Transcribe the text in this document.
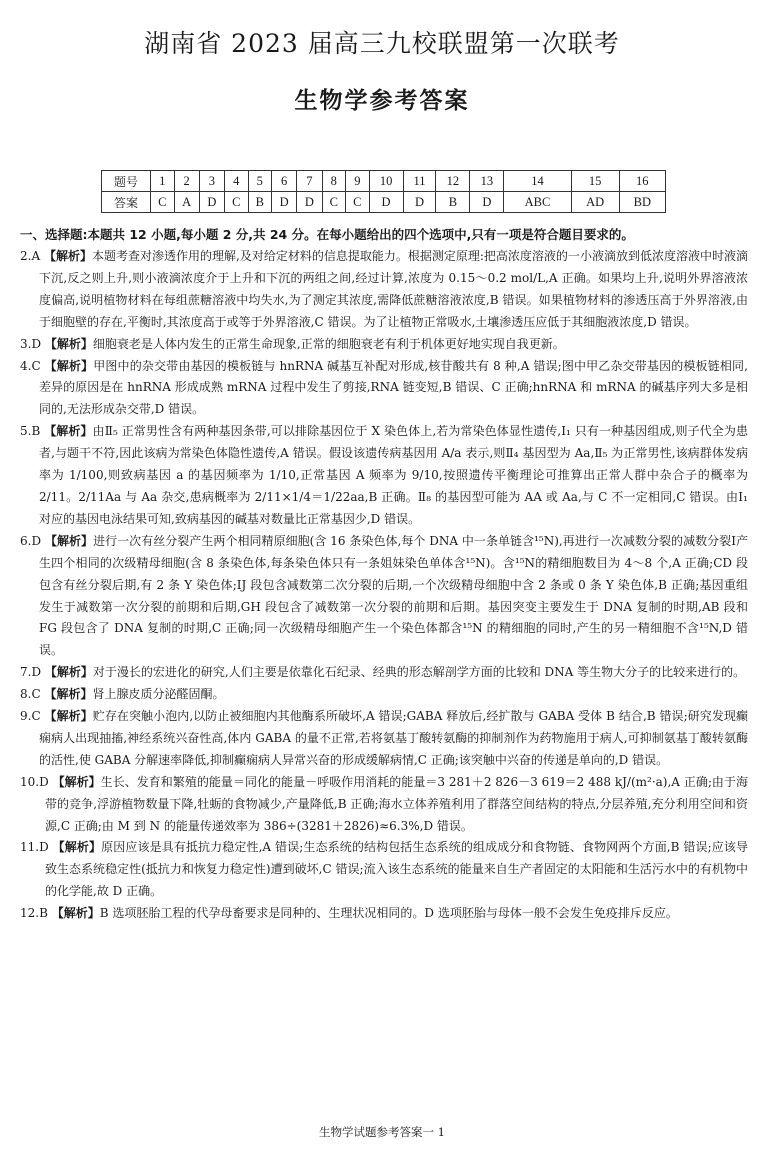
湖南省 2023 届高三九校联盟第一次联考
生物学参考答案
题号	1	2	3	4	5	6	7	8	9	10	11	12	13	14	15	16
答案	C	A	D	C	B	D	D	C	C	D	D	B	D	ABC	AD	BD
一、选择题:本题共 12 小题,每小题 2 分,共 24 分。在每小题给出的四个选项中,只有一项是符合题目要求的。

2.A 【解析】本题考查对渗透作用的理解,及对给定材料的信息提取能力。根据测定原理:把高浓度溶液的一小液滴放到低浓度溶液中时液滴下沉,反之则上升,则小液滴浓度介于上升和下沉的两组之间,经过计算,浓度为 0.15～0.2 mol/L,A 正确。如果均上升,说明外界溶液浓度偏高,说明植物材料在每组蔗糖溶液中均失水,为了测定其浓度,需降低蔗糖溶液浓度,B 错误。如果植物材料的渗透压高于外界溶液,由于细胞壁的存在,平衡时,其浓度高于或等于外界溶液,C 错误。为了让植物正常吸水,土壤渗透压应低于其细胞液浓度,D 错误。

3.D 【解析】细胞衰老是人体内发生的正常生命现象,正常的细胞衰老有利于机体更好地实现自我更新。

4.C 【解析】甲图中的杂交带由基因的模板链与 hnRNA 碱基互补配对形成,核苷酸共有 8 种,A 错误;图中甲乙杂交带基因的模板链相同,差异的原因是在 hnRNA 形成成熟 mRNA 过程中发生了剪接,RNA 链变短,B 错误、C 正确;hnRNA 和 mRNA 的碱基序列大多是相同的,无法形成杂交带,D 错误。

5.B 【解析】由Ⅱ₅ 正常男性含有两种基因条带,可以排除基因位于 X 染色体上,若为常染色体显性遗传,Ⅰ₁ 只有一种基因组成,则子代全为患者,与题干不符,因此该病为常染色体隐性遗传,A 错误。假设该遗传病基因用 A/a 表示,则Ⅱ₄ 基因型为 Aa,Ⅱ₅ 为正常男性,该病群体发病率为 1/100,则致病基因 a 的基因频率为 1/10,正常基因 A 频率为 9/10,按照遗传平衡理论可推算出正常人群中杂合子的概率为 2/11。2/11Aa 与 Aa 杂交,患病概率为 2/11×1/4＝1/22aa,B 正确。Ⅱ₈ 的基因型可能为 AA 或 Aa,与 C 不一定相同,C 错误。由Ⅰ₁ 对应的基因电泳结果可知,致病基因的碱基对数量比正常基因少,D 错误。

6.D 【解析】进行一次有丝分裂产生两个相同精原细胞(含 16 条染色体,每个 DNA 中一条单链含¹⁵N),再进行一次减数分裂的减数分裂Ⅰ产生四个相同的次级精母细胞(含 8 条染色体,每条染色体只有一条姐妹染色单体含¹⁵N)。含¹⁵N的精细胞数目为 4～8 个,A 正确;CD 段包含有丝分裂后期,有 2 条 Y 染色体;IJ 段包含减数第二次分裂的后期,一个次级精母细胞中含 2 条或 0 条 Y 染色体,B 正确;基因重组发生于减数第一次分裂的前期和后期,GH 段包含了减数第一次分裂的前期和后期。基因突变主要发生于 DNA 复制的时期,AB 段和 FG 段包含了 DNA 复制的时期,C 正确;同一次级精母细胞产生一个染色体都含¹⁵N 的精细胞的同时,产生的另一精细胞不含¹⁵N,D 错误。

7.D 【解析】对于漫长的宏进化的研究,人们主要是依靠化石纪录、经典的形态解剖学方面的比较和 DNA 等生物大分子的比较来进行的。

8.C 【解析】肾上腺皮质分泌醛固酮。

9.C 【解析】贮存在突触小泡内,以防止被细胞内其他酶系所破坏,A 错误;GABA 释放后,经扩散与 GABA 受体 B 结合,B 错误;研究发现癫痫病人出现抽搐,神经系统兴奋性高,体内 GABA 的量不正常,若将氨基丁酸转氨酶的抑制剂作为药物施用于病人,可抑制氨基丁酸转氨酶的活性,使 GABA 分解速率降低,抑制癫痫病人异常兴奋的形成缓解病情,C 正确;该突触中兴奋的传递是单向的,D 错误。

10.D 【解析】生长、发育和繁殖的能量＝同化的能量－呼吸作用消耗的能量＝3 281＋2 826－3 619＝2 488 kJ/(m²·a),A 正确;由于海带的竞争,浮游植物数量下降,牡蛎的食物减少,产量降低,B 正确;海水立体养殖利用了群落空间结构的特点,分层养殖,充分利用空间和资源,C 正确;由 M 到 N 的能量传递效率为 386÷(3281＋2826)≈6.3%,D 错误。

11.D 【解析】原因应该是具有抵抗力稳定性,A 错误;生态系统的结构包括生态系统的组成成分和食物链、食物网两个方面,B 错误;应该导致生态系统稳定性(抵抗力和恢复力稳定性)遭到破坏,C 错误;流入该生态系统的能量来自生产者固定的太阳能和生活污水中的有机物中的化学能,故 D 正确。

12.B 【解析】B 选项胚胎工程的代孕母畜要求是同种的、生理状况相同的。D 选项胚胎与母体一般不会发生免疫排斥反应。

生物学试题参考答案一 1
